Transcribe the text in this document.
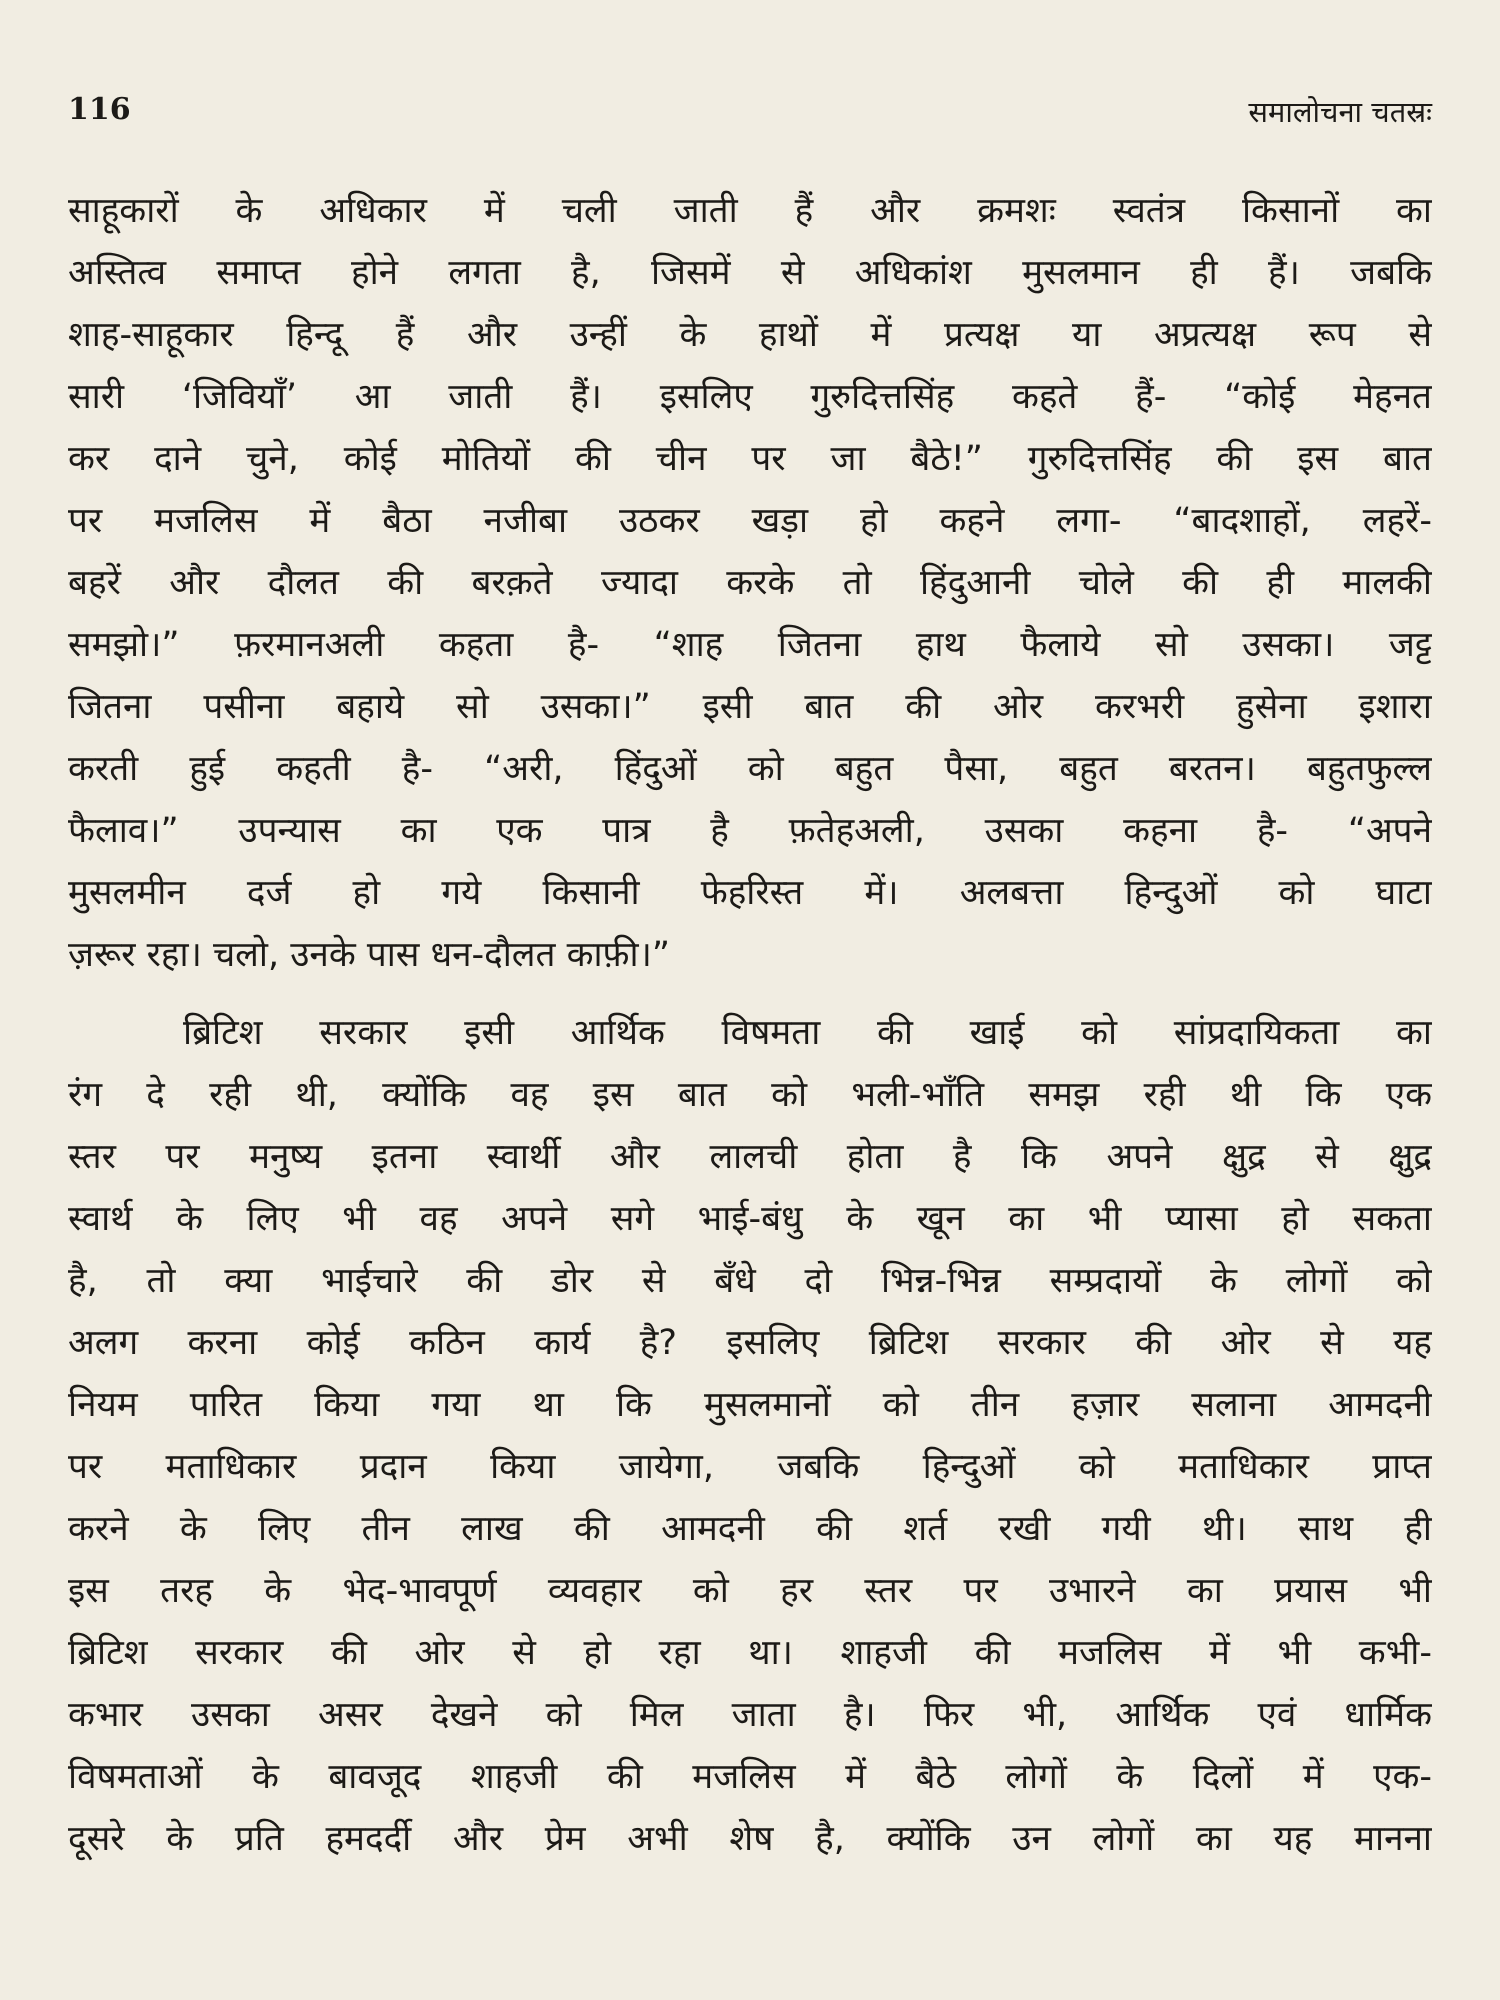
116	समालोचना चतस्रः
साहूकारों के अधिकार में चली जाती हैं और क्रमशः स्वतंत्र किसानों का
अस्तित्व समाप्त होने लगता है, जिसमें से अधिकांश मुसलमान ही हैं। जबकि
शाह-साहूकार हिन्दू हैं और उन्हीं के हाथों में प्रत्यक्ष या अप्रत्यक्ष रूप से
सारी ‘जिवियाँ’ आ जाती हैं। इसलिए गुरुदित्तसिंह कहते हैं- “कोई मेहनत
कर दाने चुने, कोई मोतियों की चीन पर जा बैठे!” गुरुदित्तसिंह की इस बात
पर मजलिस में बैठा नजीबा उठकर खड़ा हो कहने लगा- “बादशाहों, लहरें-
बहरें और दौलत की बरक़ते ज्यादा करके तो हिंदुआनी चोले की ही मालकी
समझो।” फ़रमानअली कहता है- “शाह जितना हाथ फैलाये सो उसका। जट्ट
जितना पसीना बहाये सो उसका।” इसी बात की ओर करभरी हुसेना इशारा
करती हुई कहती है- “अरी, हिंदुओं को बहुत पैसा, बहुत बरतन। बहुतफुल्ल
फैलाव।” उपन्यास का एक पात्र है फ़तेहअली, उसका कहना है- “अपने
मुसलमीन दर्ज हो गये किसानी फेहरिस्त में। अलबत्ता हिन्दुओं को घाटा
ज़रूर रहा। चलो, उनके पास धन-दौलत काफ़ी।”
ब्रिटिश सरकार इसी आर्थिक विषमता की खाई को सांप्रदायिकता का
रंग दे रही थी, क्योंकि वह इस बात को भली-भाँति समझ रही थी कि एक
स्तर पर मनुष्य इतना स्वार्थी और लालची होता है कि अपने क्षुद्र से क्षुद्र
स्वार्थ के लिए भी वह अपने सगे भाई-बंधु के खून का भी प्यासा हो सकता
है, तो क्या भाईचारे की डोर से बँधे दो भिन्न-भिन्न सम्प्रदायों के लोगों को
अलग करना कोई कठिन कार्य है? इसलिए ब्रिटिश सरकार की ओर से यह
नियम पारित किया गया था कि मुसलमानों को तीन हज़ार सलाना आमदनी
पर मताधिकार प्रदान किया जायेगा, जबकि हिन्दुओं को मताधिकार प्राप्त
करने के लिए तीन लाख की आमदनी की शर्त रखी गयी थी। साथ ही
इस तरह के भेद-भावपूर्ण व्यवहार को हर स्तर पर उभारने का प्रयास भी
ब्रिटिश सरकार की ओर से हो रहा था। शाहजी की मजलिस में भी कभी-
कभार उसका असर देखने को मिल जाता है। फिर भी, आर्थिक एवं धार्मिक
विषमताओं के बावजूद शाहजी की मजलिस में बैठे लोगों के दिलों में एक-
दूसरे के प्रति हमदर्दी और प्रेम अभी शेष है, क्योंकि उन लोगों का यह मानना
